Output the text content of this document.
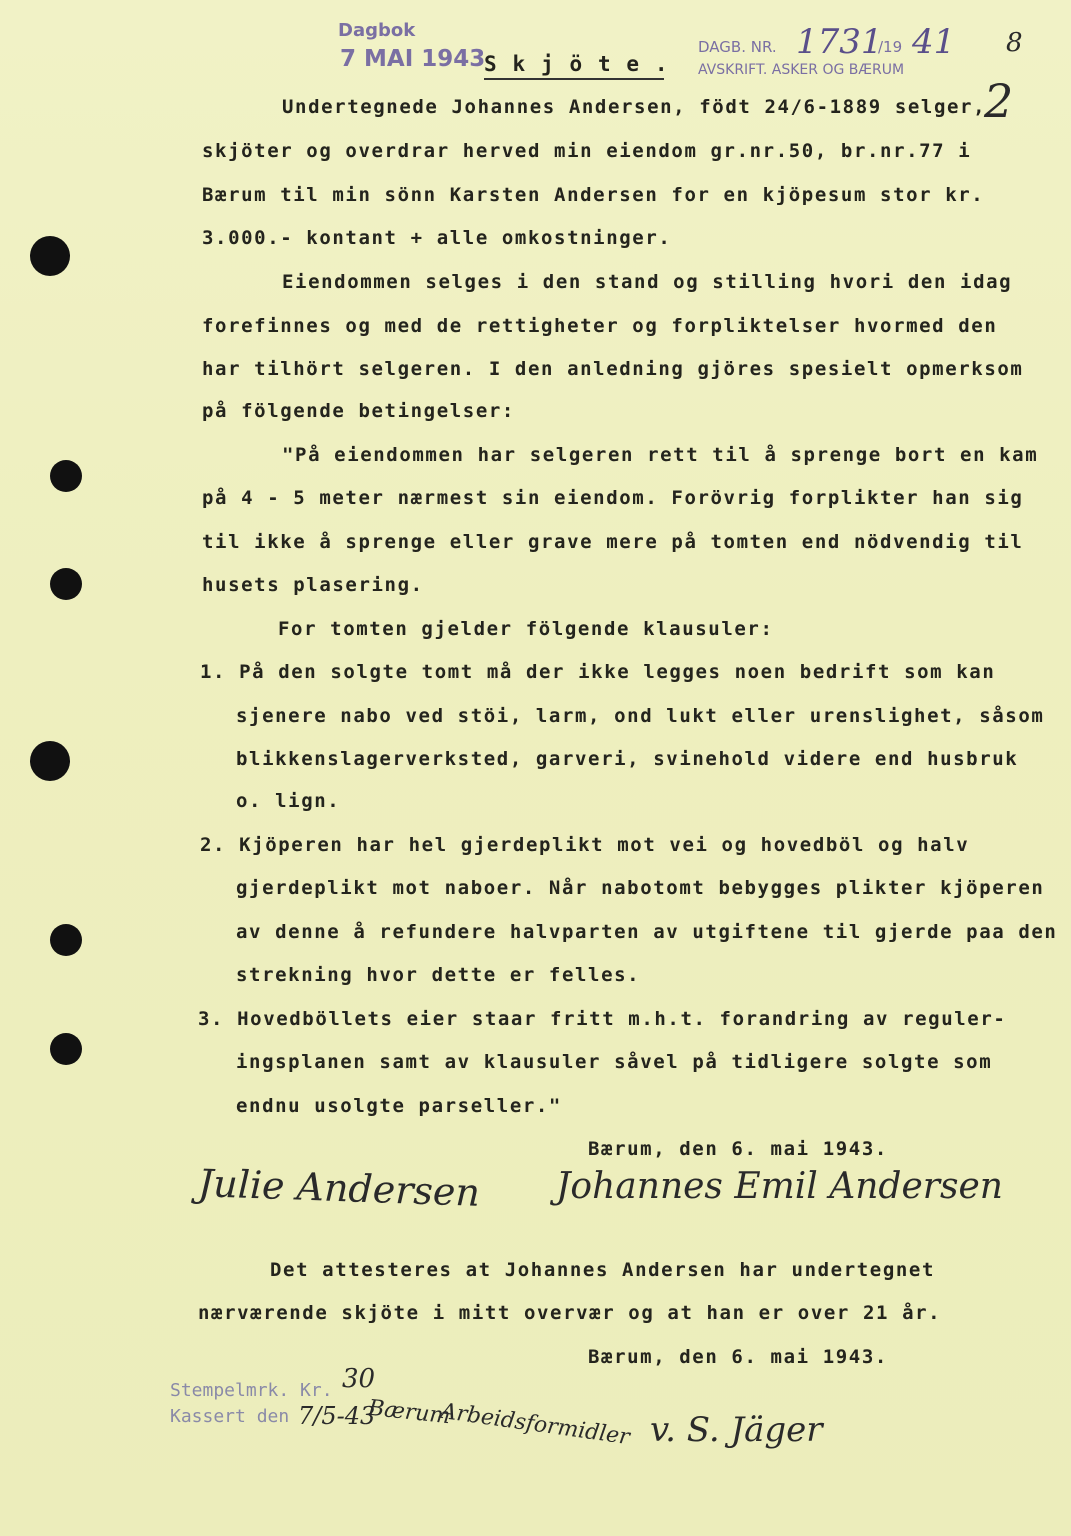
Dagbok
7 MAI 1943
S k j ö t e .
DAGB. NR. 1731
/19 41
AVSKRIFT. ASKER OG BÆRUM
8
2
Undertegnede Johannes Andersen, födt 24/6-1889 selger,
skjöter og overdrar herved min eiendom gr.nr.50, br.nr.77 i
Bærum til min sönn Karsten Andersen for en kjöpesum stor kr.
3.000.- kontant + alle omkostninger.
Eiendommen selges i den stand og stilling hvori den idag
forefinnes og med de rettigheter og forpliktelser hvormed den
har tilhört selgeren. I den anledning gjöres spesielt opmerksom
på fölgende betingelser:
"På eiendommen har selgeren rett til å sprenge bort en kam
på 4 - 5 meter nærmest sin eiendom. Forövrig forplikter han sig
til ikke å sprenge eller grave mere på tomten end nödvendig til
husets plasering.
For tomten gjelder fölgende klausuler:
1. På den solgte tomt må der ikke legges noen bedrift som kan
sjenere nabo ved stöi, larm, ond lukt eller urenslighet, såsom
blikkenslagerverksted, garveri, svinehold videre end husbruk
o. lign.
2. Kjöperen har hel gjerdeplikt mot vei og hovedböl og halv
gjerdeplikt mot naboer. Når nabotomt bebygges plikter kjöperen
av denne å refundere halvparten av utgiftene til gjerde paa den
strekning hvor dette er felles.
3. Hovedböllets eier staar fritt m.h.t. forandring av reguler-
ingsplanen samt av klausuler såvel på tidligere solgte som
endnu usolgte parseller."
Bærum, den 6. mai 1943.
Julie Andersen Johannes Emil Andersen
Det attesteres at Johannes Andersen har undertegnet
nærværende skjöte i mitt overvær og at han er over 21 år.
Bærum, den 6. mai 1943.
Stempelmrk. Kr. 30
Kassert den 7/5-43
Bærum
Arbeidsformidler v. S. Jäger
